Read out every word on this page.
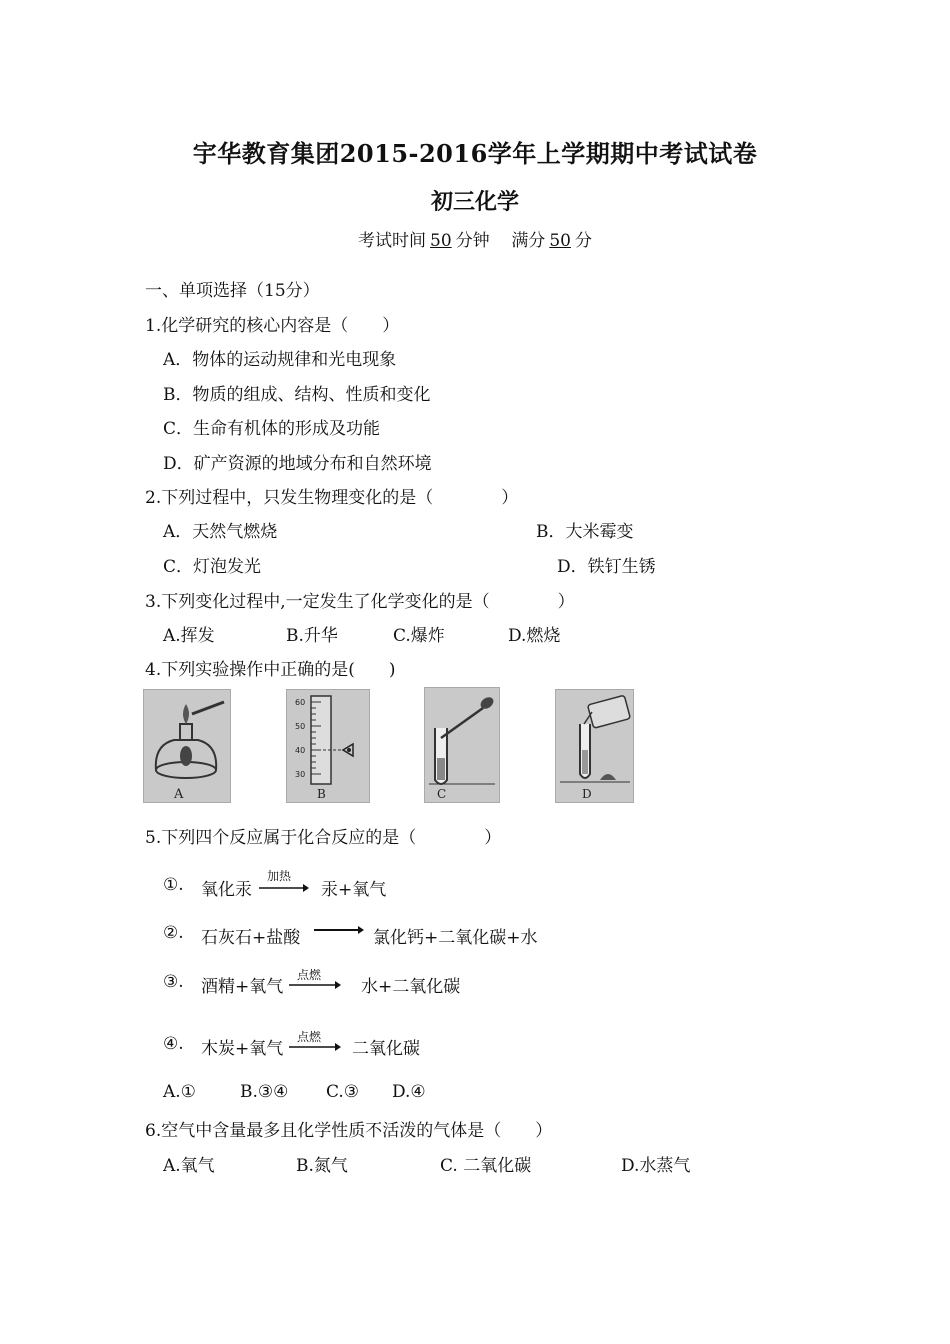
宇华教育集团2015-2016学年上学期期中考试试卷
初三化学
考试时间 50 分钟 满分 50 分
一、单项选择（15分）
1.化学研究的核心内容是（　　）
A．物体的运动规律和光电现象
B．物质的组成、结构、性质和变化
C．生命有机体的形成及功能
D．矿产资源的地域分布和自然环境
2.下列过程中，只发生物理变化的是（　　　　）
A．天然气燃烧	B．大米霉变
C．灯泡发光	D．铁钉生锈
3.下列变化过程中,一定发生了化学变化的是（　　　　）
A.挥发	B.升华	C.爆炸	D.燃烧
4.下列实验操作中正确的是(　　)
A
60
50
40
30
B	C	D
5.下列四个反应属于化合反应的是（　　　　）
①. 氧化汞
加热
→ 汞+氧气
②. 石灰石+盐酸 → 氯化钙+二氧化碳+水
③. 酒精+氧气
点燃
→ 水+二氧化碳
④. 木炭+氧气
点燃
→ 二氧化碳
A.①	B.③④ C.③ D.④
6.空气中含量最多且化学性质不活泼的气体是（　　）
A.氧气	B.氮气	C. 二氧化碳	D.水蒸气
